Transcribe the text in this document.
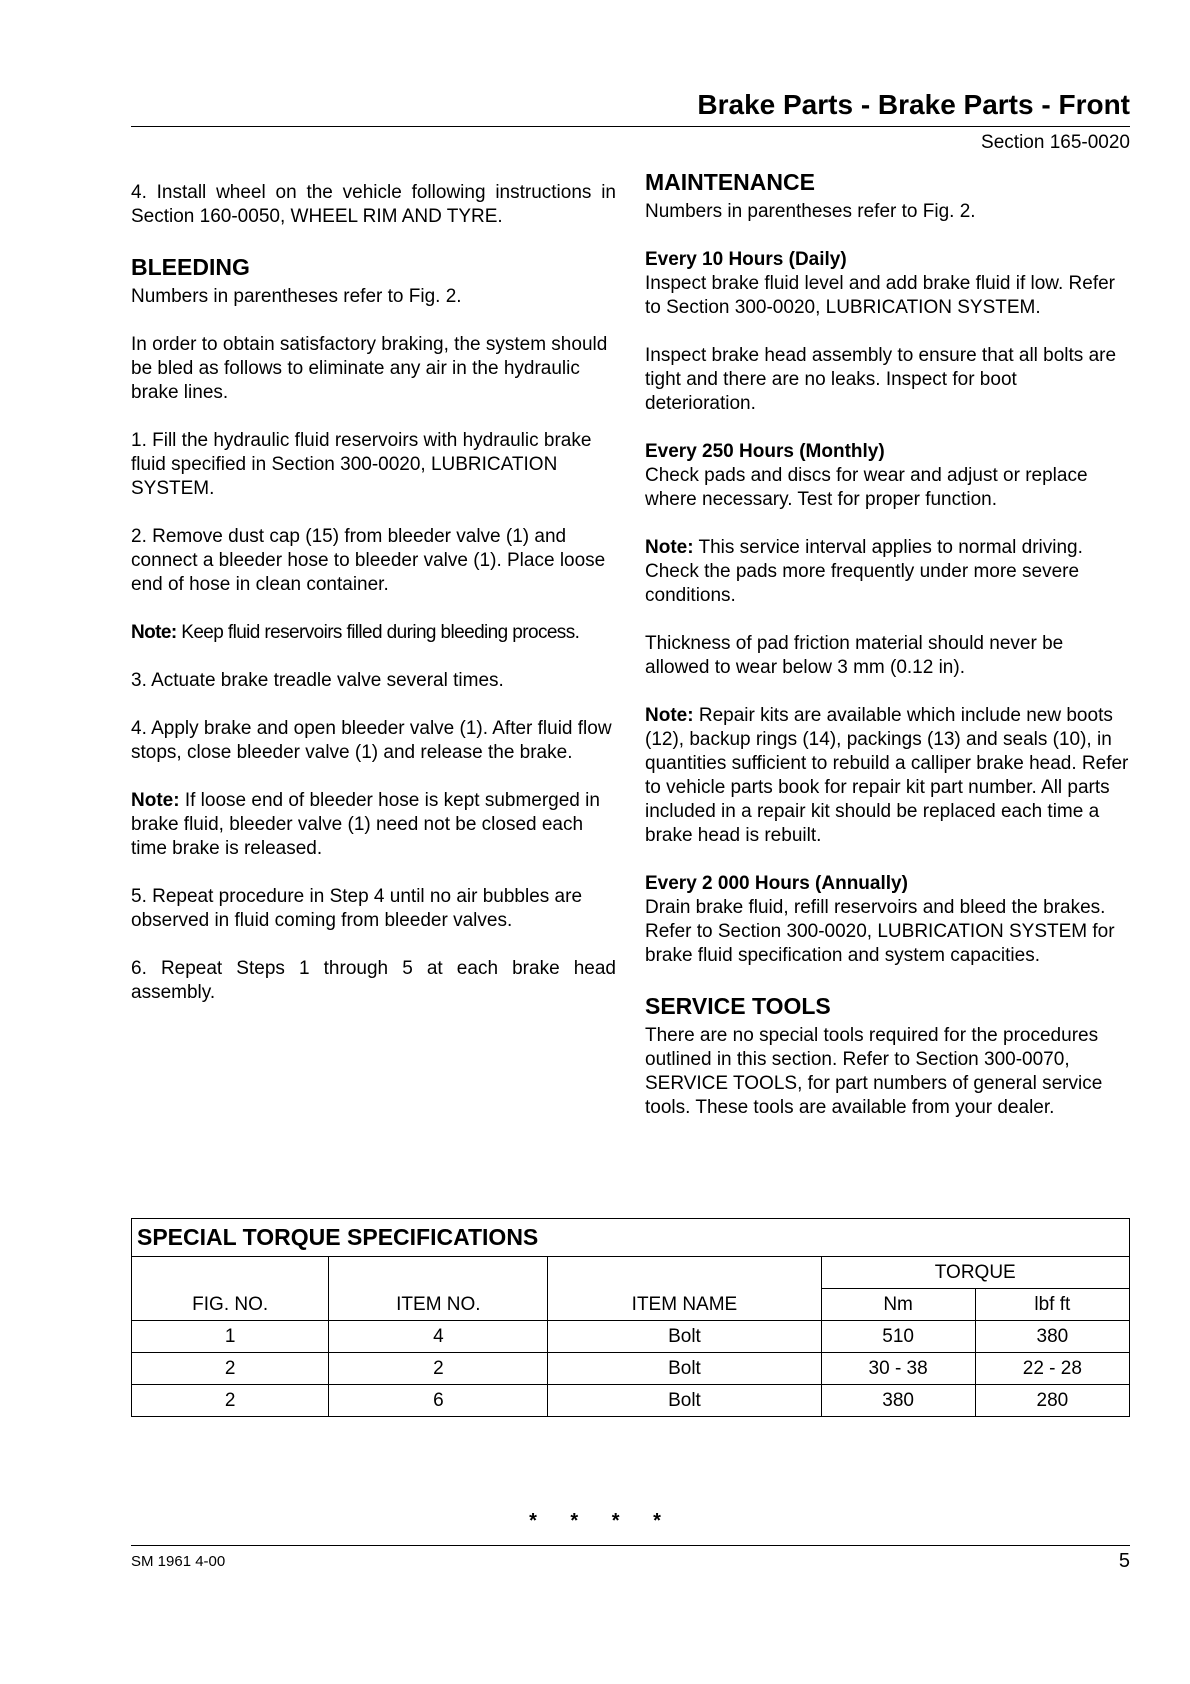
Brake Parts - Brake Parts - Front
Section 165-0020

4. Install wheel on the vehicle following instructions in Section 160-0050, WHEEL RIM AND TYRE.

BLEEDING

Numbers in parentheses refer to Fig. 2.

In order to obtain satisfactory braking, the system should be bled as follows to eliminate any air in the hydraulic brake lines.

1. Fill the hydraulic fluid reservoirs with hydraulic brake fluid specified in Section 300-0020, LUBRICATION SYSTEM.

2. Remove dust cap (15) from bleeder valve (1) and connect a bleeder hose to bleeder valve (1). Place loose end of hose in clean container.

Note: Keep fluid reservoirs filled during bleeding process.

3. Actuate brake treadle valve several times.

4. Apply brake and open bleeder valve (1). After fluid flow stops, close bleeder valve (1) and release the brake.

Note: If loose end of bleeder hose is kept submerged in brake fluid, bleeder valve (1) need not be closed each time brake is released.

5. Repeat procedure in Step 4 until no air bubbles are observed in fluid coming from bleeder valves.

6. Repeat Steps 1 through 5 at each brake head assembly.

MAINTENANCE

Numbers in parentheses refer to Fig. 2.

Every 10 Hours (Daily)

Inspect brake fluid level and add brake fluid if low. Refer to Section 300-0020, LUBRICATION SYSTEM.

Inspect brake head assembly to ensure that all bolts are tight and there are no leaks. Inspect for boot deterioration.

Every 250 Hours (Monthly)

Check pads and discs for wear and adjust or replace where necessary. Test for proper function.

Note: This service interval applies to normal driving. Check the pads more frequently under more severe conditions.

Thickness of pad friction material should never be allowed to wear below 3 mm (0.12 in).

Note: Repair kits are available which include new boots (12), backup rings (14), packings (13) and seals (10), in quantities sufficient to rebuild a calliper brake head. Refer to vehicle parts book for repair kit part number. All parts included in a repair kit should be replaced each time a brake head is rebuilt.

Every 2 000 Hours (Annually)

Drain brake fluid, refill reservoirs and bleed the brakes. Refer to Section 300-0020, LUBRICATION SYSTEM for brake fluid specification and system capacities.

SERVICE TOOLS

There are no special tools required for the procedures outlined in this section. Refer to Section 300-0070, SERVICE TOOLS, for part numbers of general service tools. These tools are available from your dealer.

SPECIAL TORQUE SPECIFICATIONS				
FIG. NO.	ITEM NO.	ITEM NAME	TORQUE	
			Nm	lbf ft
1	4	Bolt	510	380
2	2	Bolt	30 - 38	22 - 28
2	6	Bolt	380	280
* * * *
SM 1961 4-00	5
